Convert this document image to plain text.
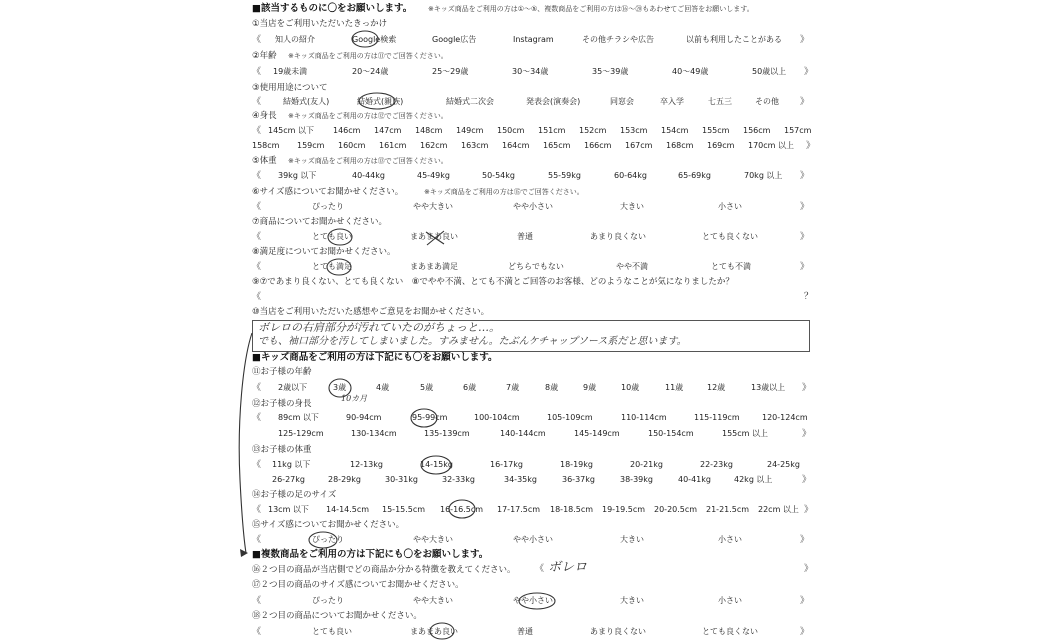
■該当するものに〇をお願いします。 ※キッズ商品をご利用の方は①〜⑤、複数商品をご利用の方は⑯〜⑳もあわせてご回答をお願いします。
①当店をご利用いただいたきっかけ
《 知人の紹介	Google検索	Google広告	Instagram	その他チラシや広告	以前も利用したことがある 》
②年齢 ※キッズ商品をご利用の方は⑪でご回答ください。
《 19歳未満	20〜24歳	25〜29歳	30〜34歳	35〜39歳	40〜49歳	50歳以上 》
③使用用途について
《	結婚式(友人)	結婚式(親族)	結婚式二次会	発表会(演奏会)	同窓会	卒入学	七五三	その他 》
④身長 ※キッズ商品をご利用の方は⑫でご回答ください。
《 145cm 以下 146cm 147cm 148cm 149cm 150cm 151cm 152cm 153cm 154cm 155cm 156cm 157cm
158cm 159cm 160cm 161cm 162cm 163cm 164cm 165cm 166cm 167cm 168cm 169cm 170cm 以上 》
⑤体重 ※キッズ商品をご利用の方は⑬でご回答ください。
《 39kg 以下	40-44kg	45-49kg	50-54kg	55-59kg	60-64kg	65-69kg	70kg 以上 》
⑥サイズ感についてお聞かせください。	※キッズ商品をご利用の方は⑮でご回答ください。
《	ぴったり	やや大きい	やや小さい	大きい	小さい	》
⑦商品についてお聞かせください。
《	とても良い	まあまあ良い	普通	あまり良くない	とても良くない	》
⑧満足度についてお聞かせください。
《	とても満足	まあまあ満足	どちらでもない	やや不満	とても不満	》
⑨⑦であまり良くない、とても良くない　⑧でやや不満、とても不満とご回答のお客様、どのようなことが気になりましたか？
《	？
⑩当店をご利用いただいた感想やご意見をお聞かせください。
ボレロの右肩部分が汚れていたのがちょっと…。
でも、袖口部分を汚してしまいました。すみません。たぶんケチャップソース系だと思います。
■キッズ商品をご利用の方は下記にも〇をお願いします。
⑪お子様の年齢
《 2歳以下	3歳	4歳	5歳	6歳	7歳	8歳	9歳	10歳	11歳	12歳	13歳以上 》
10カ月
⑫お子様の身長
《 89cm 以下	90-94cm	95-99cm	100-104cm	105-109cm	110-114cm	115-119cm	120-124cm
125-129cm	130-134cm	135-139cm	140-144cm	145-149cm	150-154cm	155cm 以上	》
⑬お子様の体重
《 11kg 以下	12-13kg	14-15kg	16-17kg	18-19kg	20-21kg	22-23kg	24-25kg
26-27kg	28-29kg	30-31kg	32-33kg	34-35kg	36-37kg	38-39kg	40-41kg	42kg 以上	》
⑭お子様の足のサイズ
《 13cm 以下 14-14.5cm 15-15.5cm 16-16.5cm 17-17.5cm 18-18.5cm 19-19.5cm 20-20.5cm 21-21.5cm 22cm 以上 》
⑮サイズ感についてお聞かせください。
《	ぴったり	やや大きい	やや小さい	大きい	小さい	》
■複数商品をご利用の方は下記にも〇をお願いします。
⑯２つ目の商品が当店側でどの商品か分かる特徴を教えてください。 《 ボレロ	》
⑰２つ目の商品のサイズ感についてお聞かせください。
《	ぴったり	やや大きい	やや小さい	大きい	小さい	》
⑱２つ目の商品についてお聞かせください。
《	とても良い	まあまあ良い	普通	あまり良くない	とても良くない	》
